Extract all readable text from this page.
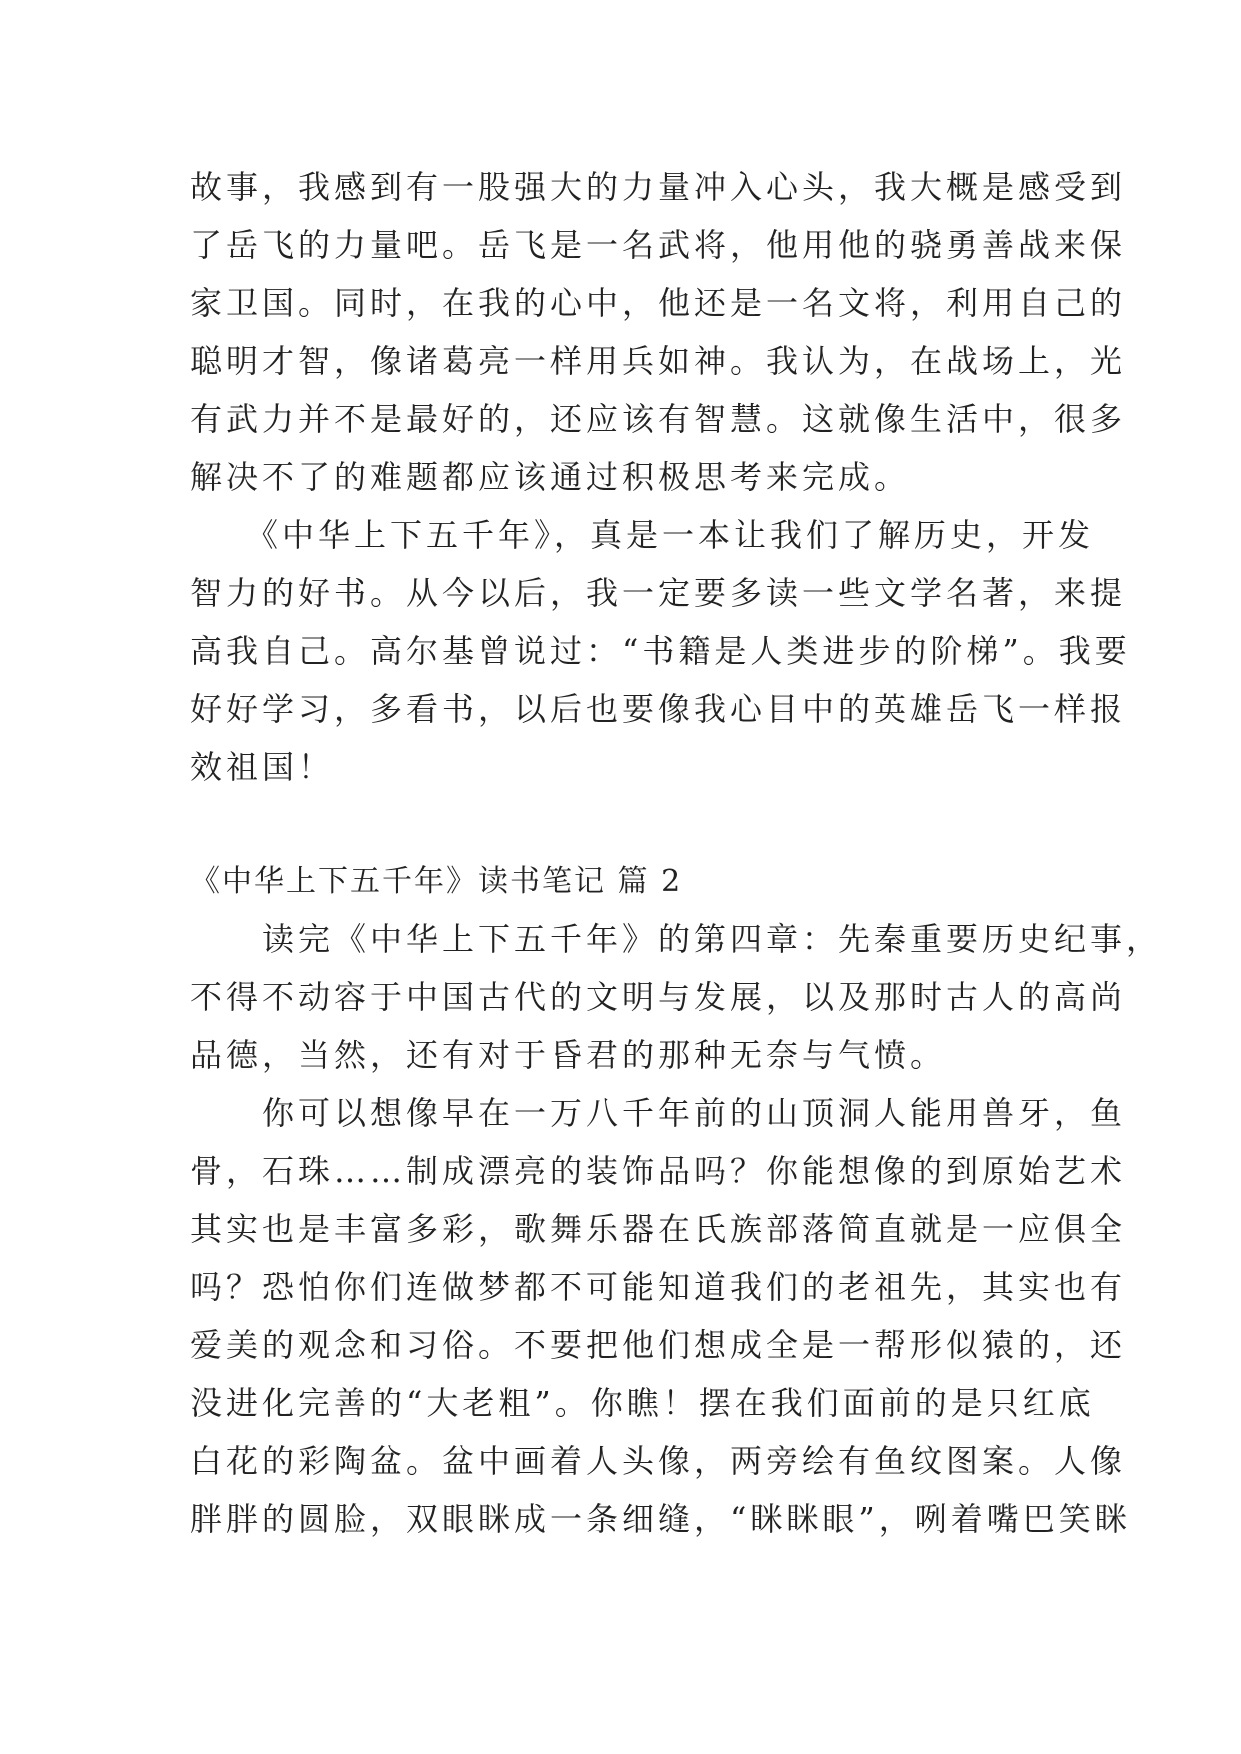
故事，我感到有一股强大的力量冲入心头，我大概是感受到
了岳飞的力量吧。岳飞是一名武将，他用他的骁勇善战来保
家卫国。同时，在我的心中，他还是一名文将，利用自己的
聪明才智，像诸葛亮一样用兵如神。我认为，在战场上，光
有武力并不是最好的，还应该有智慧。这就像生活中，很多
解决不了的难题都应该通过积极思考来完成。
　　《中华上下五千年》，真是一本让我们了解历史，开发
智力的好书。从今以后，我一定要多读一些文学名著，来提
高我自己。高尔基曾说过：“书籍是人类进步的阶梯”。我要
好好学习，多看书，以后也要像我心目中的英雄岳飞一样报
效祖国！
《中华上下五千年》读书笔记 篇 2
　　读完《中华上下五千年》的第四章：先秦重要历史纪事，
不得不动容于中国古代的文明与发展，以及那时古人的高尚
品德，当然，还有对于昏君的那种无奈与气愤。
　　你可以想像早在一万八千年前的山顶洞人能用兽牙，鱼
骨，石珠……制成漂亮的装饰品吗？你能想像的到原始艺术
其实也是丰富多彩，歌舞乐器在氏族部落简直就是一应俱全
吗？恐怕你们连做梦都不可能知道我们的老祖先，其实也有
爱美的观念和习俗。不要把他们想成全是一帮形似猿的，还
没进化完善的“大老粗”。你瞧！摆在我们面前的是只红底
白花的彩陶盆。盆中画着人头像，两旁绘有鱼纹图案。人像
胖胖的圆脸，双眼眯成一条细缝，“眯眯眼”，咧着嘴巴笑眯
